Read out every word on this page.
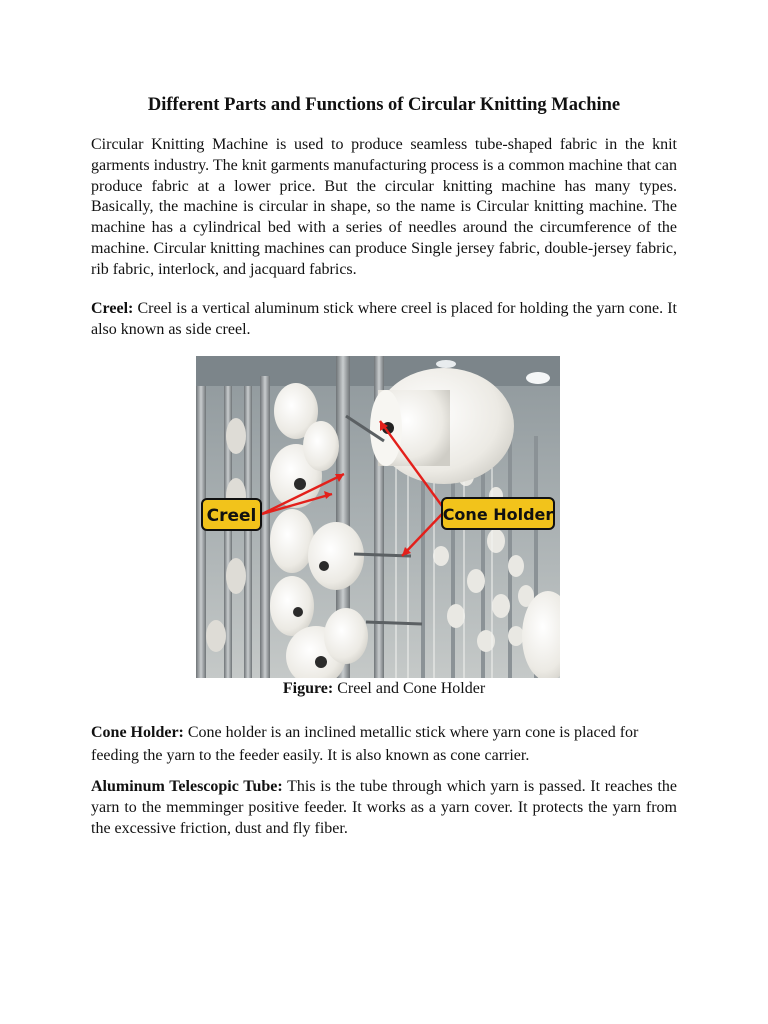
Different Parts and Functions of Circular Knitting Machine

Circular Knitting Machine is used to produce seamless tube-shaped fabric in the knit garments industry. The knit garments manufacturing process is a common machine that can produce fabric at a lower price. But the circular knitting machine has many types. Basically, the machine is circular in shape, so the name is Circular knitting machine. The machine has a cylindrical bed with a series of needles around the circumference of the machine. Circular knitting machines can produce Single jersey fabric, double-jersey fabric, rib fabric, interlock, and jacquard fabrics.

Creel: Creel is a vertical aluminum stick where creel is placed for holding the yarn cone. It also known as side creel.

Creel	Cone Holder

Figure: Creel and Cone Holder

Cone Holder: Cone holder is an inclined metallic stick where yarn cone is placed for feeding the yarn to the feeder easily. It is also known as cone carrier.

Aluminum Telescopic Tube: This is the tube through which yarn is passed. It reaches the yarn to the memminger positive feeder. It works as a yarn cover. It protects the yarn from the excessive friction, dust and fly fiber.
